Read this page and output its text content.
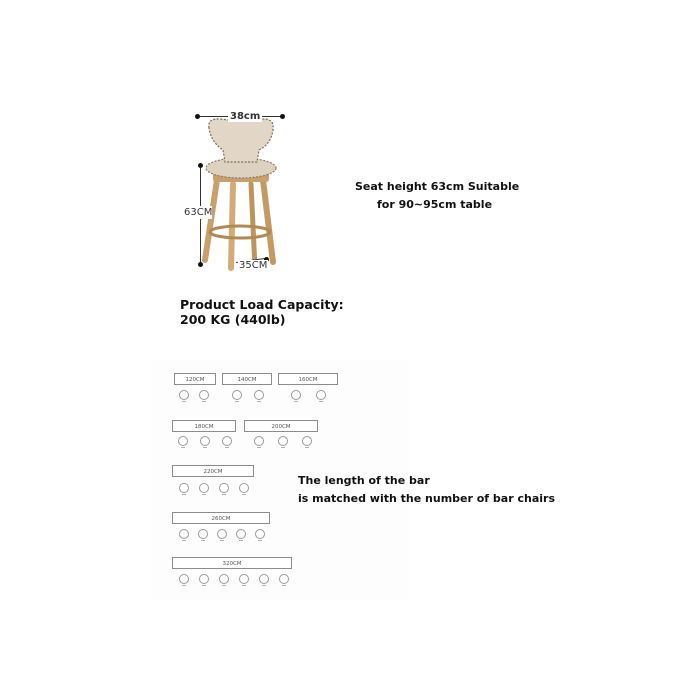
38cm
63CM
35CM
Seat height 63cm Suitable
for 90~95cm table
Product Load Capacity:
200 KG (440lb)
120CM	140CM	160CM
180CM	200CM
220CM
260CM
320CM
The length of the bar
is matched with the number of bar chairs
